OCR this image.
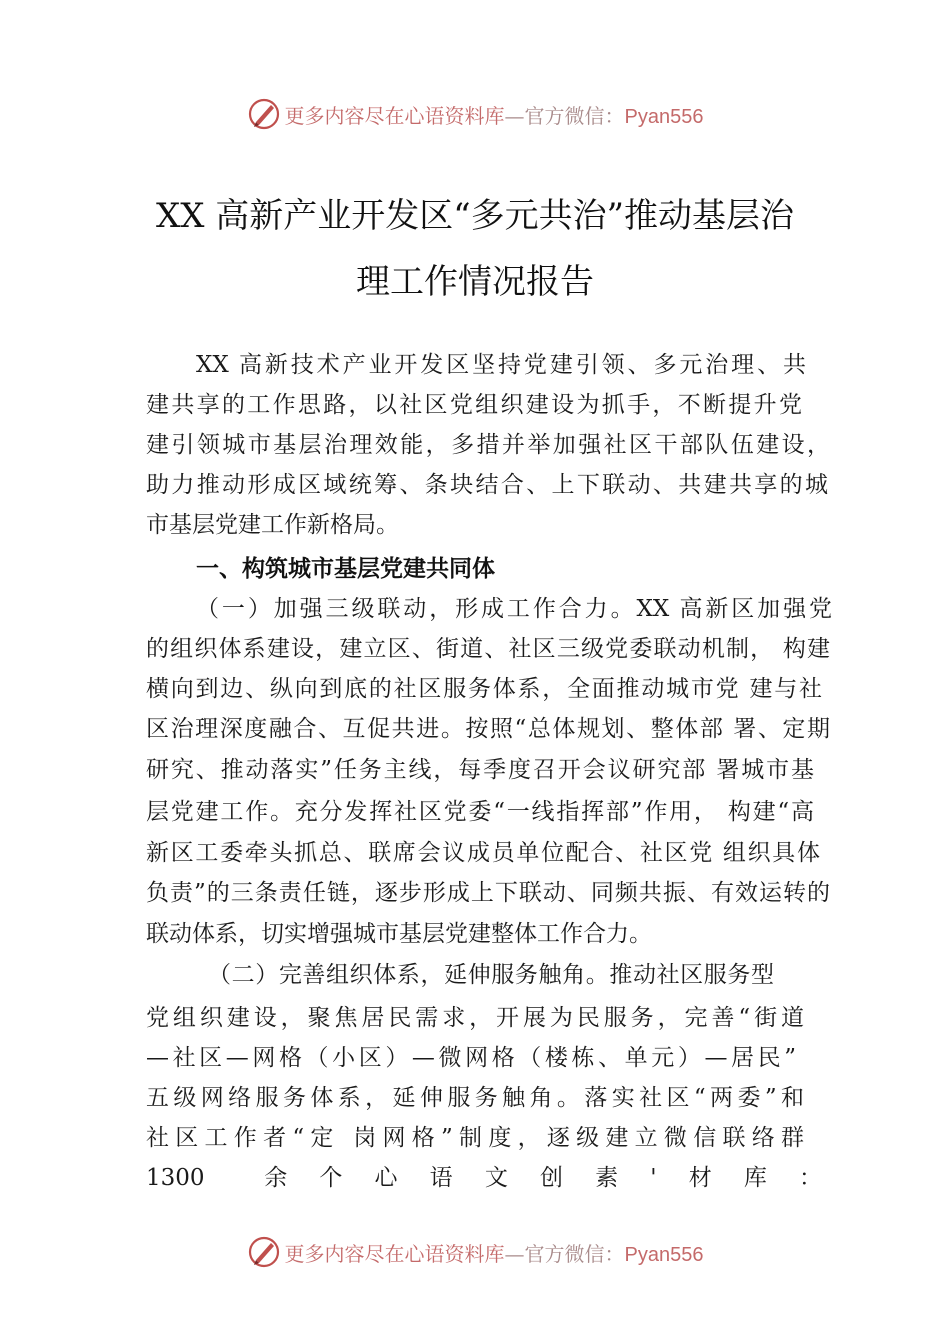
更多内容尽在心语资料库—官方微信：Pyan556
XX 高新产业开发区“多元共治”推动基层治
理工作情况报告
XX 高新技术产业开发区坚持党建引领、多元治理、共
建共享的工作思路，以社区党组织建设为抓手，不断提升党
建引领城市基层治理效能，多措并举加强社区干部队伍建设，
助力推动形成区域统筹、条块结合、上下联动、共建共享的城
市基层党建工作新格局。
一、构筑城市基层党建共同体
（一）加强三级联动，形成工作合力。XX 高新区加强党
的组织体系建设，建立区、街道、社区三级党委联动机制， 构建
横向到边、纵向到底的社区服务体系，全面推动城市党 建与社
区治理深度融合、互促共进。按照“总体规划、整体部 署、定期
研究、推动落实”任务主线，每季度召开会议研究部 署城市基
层党建工作。充分发挥社区党委“一线指挥部”作用， 构建“高
新区工委牵头抓总、联席会议成员单位配合、社区党 组织具体
负责”的三条责任链，逐步形成上下联动、同频共振、有效运转的
联动体系，切实增强城市基层党建整体工作合力。
（二）完善组织体系，延伸服务触角。推动社区服务型
党组织建设，聚焦居民需求，开展为民服务，完善“街道
—社区—网格（小区）—微网格（楼栋、单元）—居民”
五级网络服务体系，延伸服务触角。落实社区“两委”和
社区工作者“定 岗网格”制度，逐级建立微信联络群
1300　　余　个　心　语　文　创　素　'　材　库　：
更多内容尽在心语资料库—官方微信：Pyan556
